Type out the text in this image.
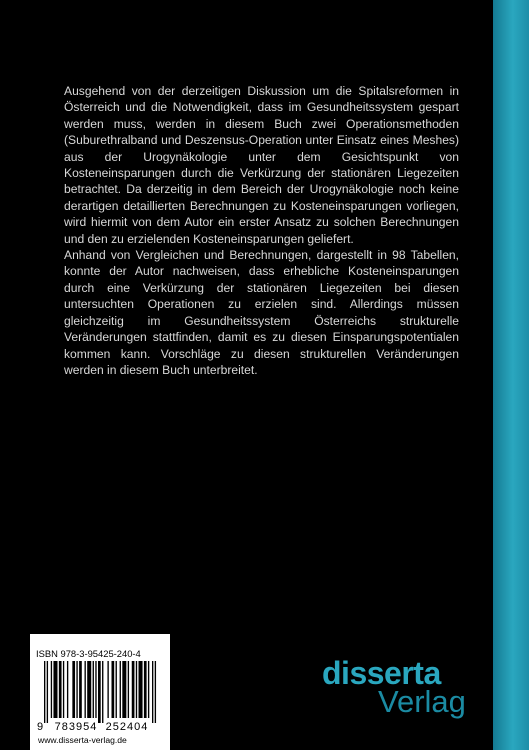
Ausgehend von der derzeitigen Diskussion um die Spitalsreformen in Österreich und die Notwendigkeit, dass im Gesundheitssystem gespart werden muss, werden in diesem Buch zwei Operationsmethoden (Suburethralband und Deszensus-Operation unter Einsatz eines Meshes) aus der Urogynäkologie unter dem Gesichtspunkt von Kosteneinsparungen durch die Verkürzung der stationären Liegezeiten betrachtet. Da derzeitig in dem Bereich der Urogynäkologie noch keine derartigen detaillierten Berechnungen zu Kosteneinsparungen vorliegen, wird hiermit von dem Autor ein erster Ansatz zu solchen Berechnungen und den zu erzielenden Kosteneinsparungen geliefert.

Anhand von Vergleichen und Berechnungen, dargestellt in 98 Tabellen, konnte der Autor nachweisen, dass erhebliche Kosteneinsparungen durch eine Verkürzung der stationären Liegezeiten bei diesen untersuchten Operationen zu erzielen sind. Allerdings müssen gleichzeitig im Gesundheitssystem Österreichs strukturelle Veränderungen stattfinden, damit es zu diesen Einsparungspotentialen kommen kann. Vorschläge zu diesen strukturellen Veränderungen werden in diesem Buch unterbreitet.

ISBN 978-3-95425-240-4
9 783954 252404
www.disserta-verlag.de
disserta
Verlag
